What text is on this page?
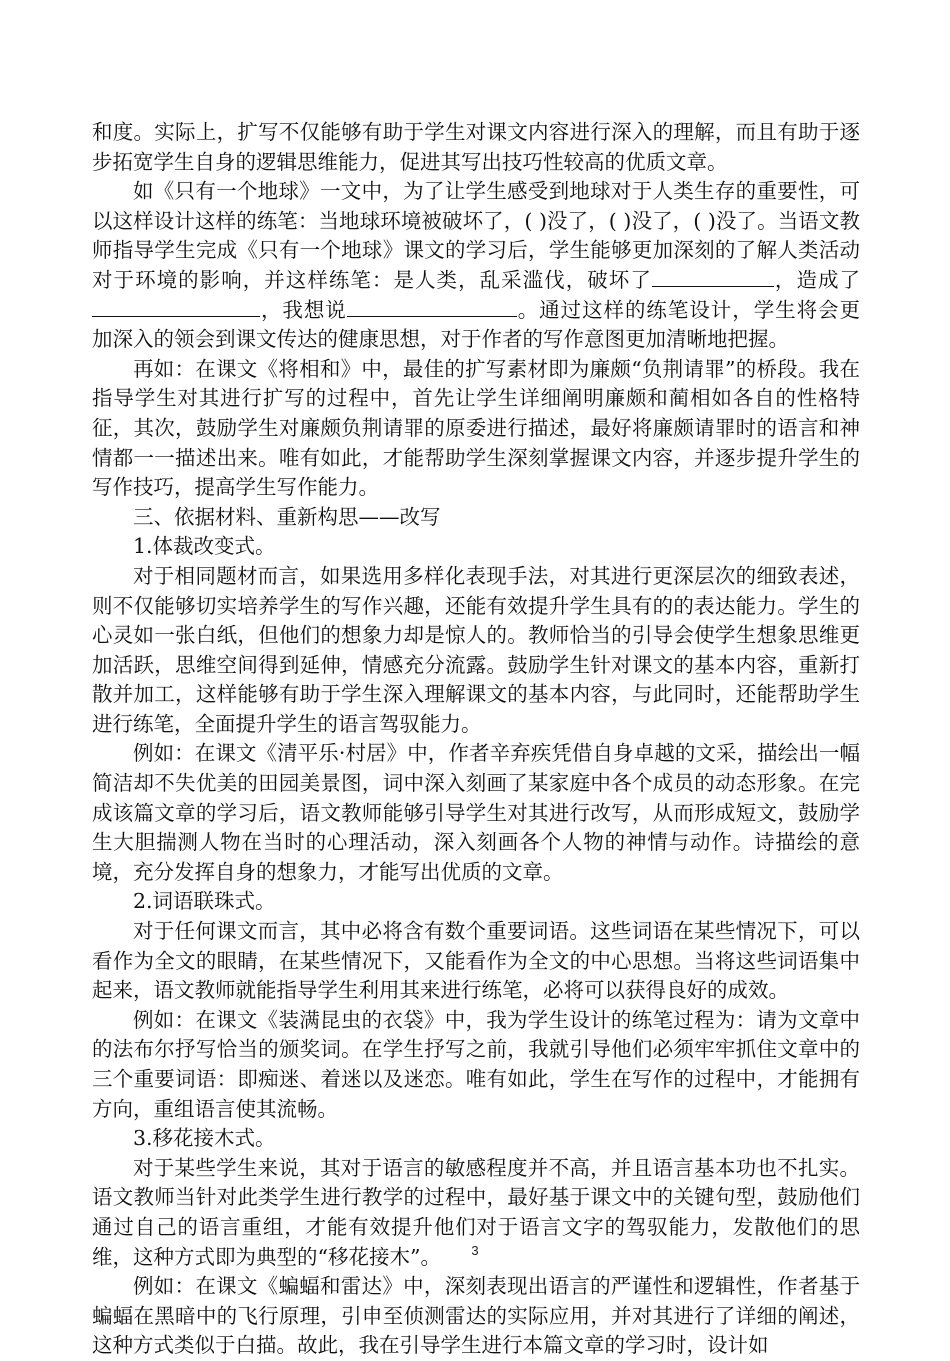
和度。实际上，扩写不仅能够有助于学生对课文内容进行深入的理解，而且有助于逐步拓宽学生自身的逻辑思维能力，促进其写出技巧性较高的优质文章。

如《只有一个地球》一文中，为了让学生感受到地球对于人类生存的重要性，可以这样设计这样的练笔：当地球环境被破坏了，( )没了，( )没了，( )没了。当语文教师指导学生完成《只有一个地球》课文的学习后，学生能够更加深刻的了解人类活动对于环境的影响，并这样练笔：是人类，乱采滥伐，破坏了	，造成了，我想说	。通过这样的练笔设计，学生将会更加深入的领会到课文传达的健康思想，对于作者的写作意图更加清晰地把握。

再如：在课文《将相和》中，最佳的扩写素材即为廉颇“负荆请罪”的桥段。我在指导学生对其进行扩写的过程中，首先让学生详细阐明廉颇和蔺相如各自的性格特征，其次，鼓励学生对廉颇负荆请罪的原委进行描述，最好将廉颇请罪时的语言和神情都一一描述出来。唯有如此，才能帮助学生深刻掌握课文内容，并逐步提升学生的写作技巧，提高学生写作能力。

三、依据材料、重新构思——改写

1.体裁改变式。

对于相同题材而言，如果选用多样化表现手法，对其进行更深层次的细致表述，则不仅能够切实培养学生的写作兴趣，还能有效提升学生具有的的表达能力。学生的心灵如一张白纸，但他们的想象力却是惊人的。教师恰当的引导会使学生想象思维更加活跃，思维空间得到延伸，情感充分流露。鼓励学生针对课文的基本内容，重新打散并加工，这样能够有助于学生深入理解课文的基本内容，与此同时，还能帮助学生进行练笔，全面提升学生的语言驾驭能力。

例如：在课文《清平乐·村居》中，作者辛弃疾凭借自身卓越的文采，描绘出一幅简洁却不失优美的田园美景图，词中深入刻画了某家庭中各个成员的动态形象。在完成该篇文章的学习后，语文教师能够引导学生对其进行改写，从而形成短文，鼓励学生大胆揣测人物在当时的心理活动，深入刻画各个人物的神情与动作。诗描绘的意境，充分发挥自身的想象力，才能写出优质的文章。

2.词语联珠式。

对于任何课文而言，其中必将含有数个重要词语。这些词语在某些情况下，可以看作为全文的眼睛，在某些情况下，又能看作为全文的中心思想。当将这些词语集中起来，语文教师就能指导学生利用其来进行练笔，必将可以获得良好的成效。

例如：在课文《装满昆虫的衣袋》中，我为学生设计的练笔过程为：请为文章中的法布尔抒写恰当的颁奖词。在学生抒写之前，我就引导他们必须牢牢抓住文章中的三个重要词语：即痴迷、着迷以及迷恋。唯有如此，学生在写作的过程中，才能拥有方向，重组语言使其流畅。

3.移花接木式。

对于某些学生来说，其对于语言的敏感程度并不高，并且语言基本功也不扎实。语文教师当针对此类学生进行教学的过程中，最好基于课文中的关键句型，鼓励他们通过自己的语言重组，才能有效提升他们对于语言文字的驾驭能力，发散他们的思维，这种方式即为典型的“移花接木”。

例如：在课文《蝙蝠和雷达》中，深刻表现出语言的严谨性和逻辑性，作者基于蝙蝠在黑暗中的飞行原理，引申至侦测雷达的实际应用，并对其进行了详细的阐述，这种方式类似于白描。故此，我在引导学生进行本篇文章的学习时，设计如

3
